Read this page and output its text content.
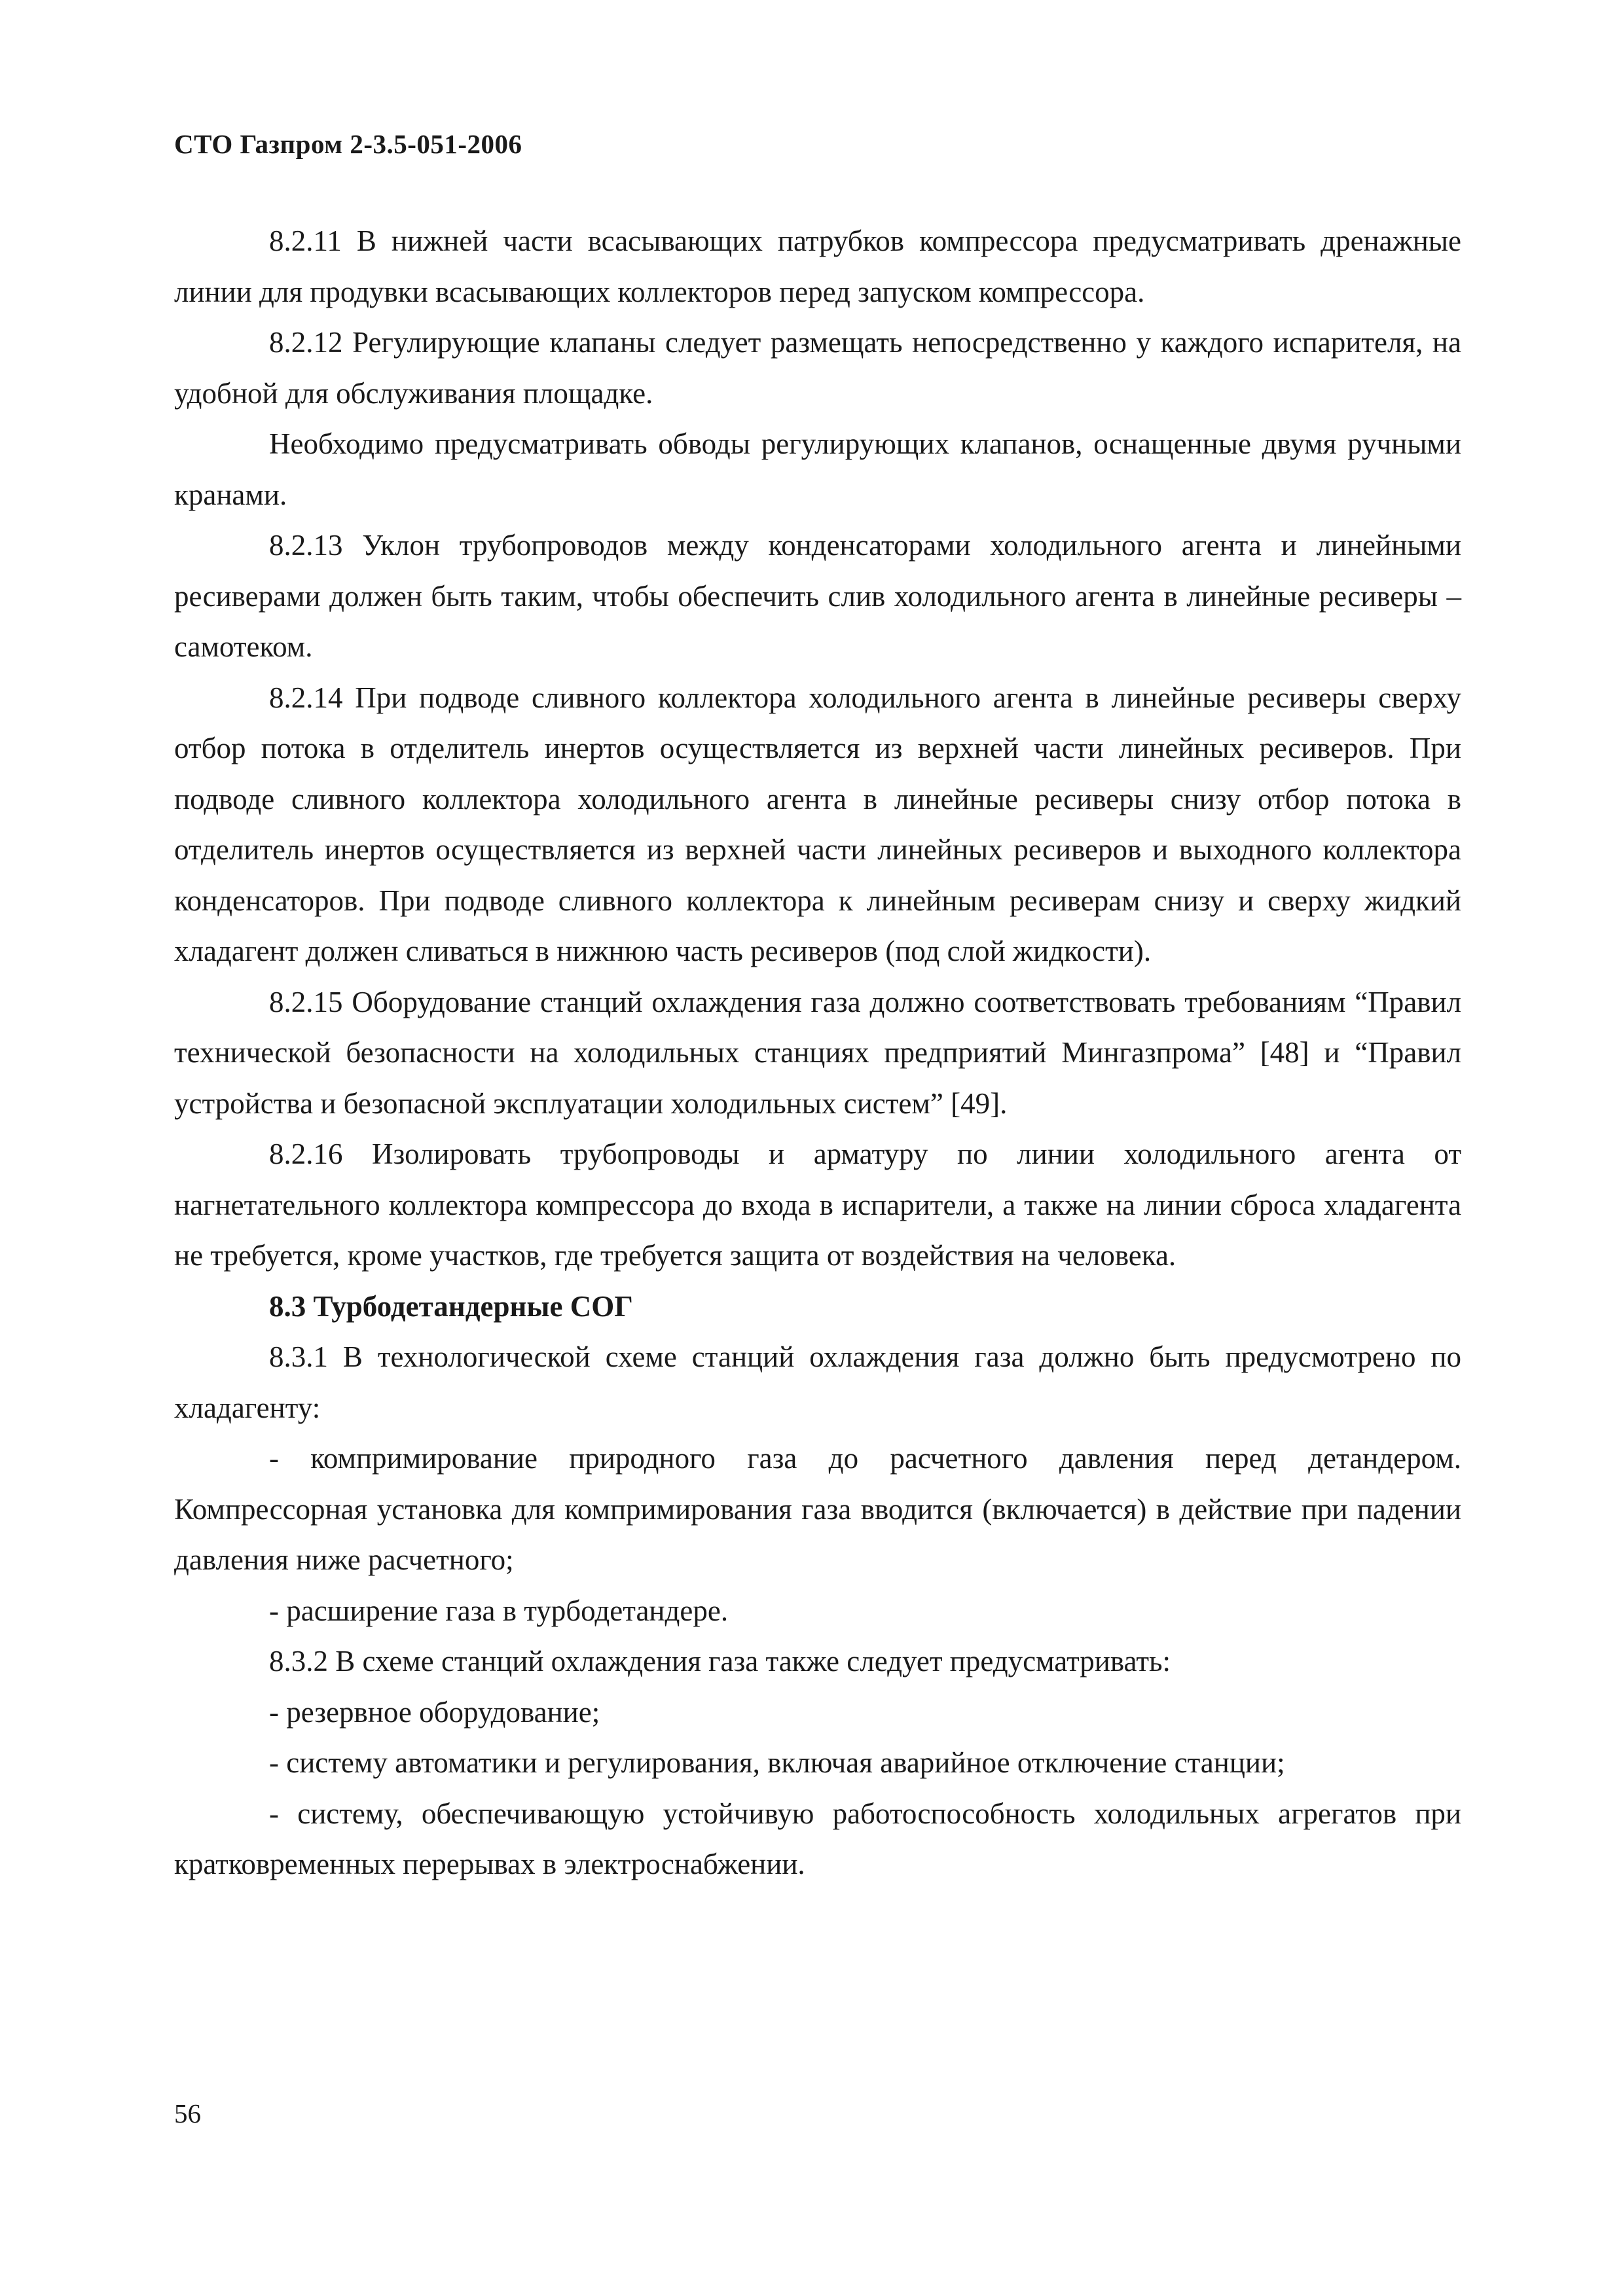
СТО Газпром 2-3.5-051-2006

8.2.11 В нижней части всасывающих патрубков компрессора предусматривать дренажные линии для продувки всасывающих коллекторов перед запуском компрессора.

8.2.12 Регулирующие клапаны следует размещать непосредственно у каждого испарителя, на удобной для обслуживания площадке.

Необходимо предусматривать обводы регулирующих клапанов, оснащенные двумя ручными кранами.

8.2.13 Уклон трубопроводов между конденсаторами холодильного агента и линейными ресиверами должен быть таким, чтобы обеспечить слив холодильного агента в линейные ресиверы – самотеком.

8.2.14 При подводе сливного коллектора холодильного агента в линейные ресиверы сверху отбор потока в отделитель инертов осуществляется из верхней части линейных ресиверов. При подводе сливного коллектора холодильного агента в линейные ресиверы снизу отбор потока в отделитель инертов осуществляется из верхней части линейных ресиверов и выходного коллектора конденсаторов. При подводе сливного коллектора к линейным ресиверам снизу и сверху жидкий хладагент должен сливаться в нижнюю часть ресиверов (под слой жидкости).

8.2.15 Оборудование станций охлаждения газа должно соответствовать требованиям “Правил технической безопасности на холодильных станциях предприятий Мингазпрома” [48] и “Правил устройства и безопасной эксплуатации холодильных систем” [49].

8.2.16 Изолировать трубопроводы и арматуру по линии холодильного агента от нагнетательного коллектора компрессора до входа в испарители, а также на линии сброса хладагента не требуется, кроме участков, где требуется защита от воздействия на человека.

8.3 Турбодетандерные СОГ

8.3.1 В технологической схеме станций охлаждения газа должно быть предусмотрено по хладагенту:

- компримирование природного газа до расчетного давления перед детандером. Компрессорная установка для компримирования газа вводится (включается) в действие при падении давления ниже расчетного;

- расширение газа в турбодетандере.

8.3.2 В схеме станций охлаждения газа также следует предусматривать:

- резервное оборудование;

- систему автоматики и регулирования, включая аварийное отключение станции;

- систему, обеспечивающую устойчивую работоспособность холодильных агрегатов при кратковременных перерывах в электроснабжении.

56
